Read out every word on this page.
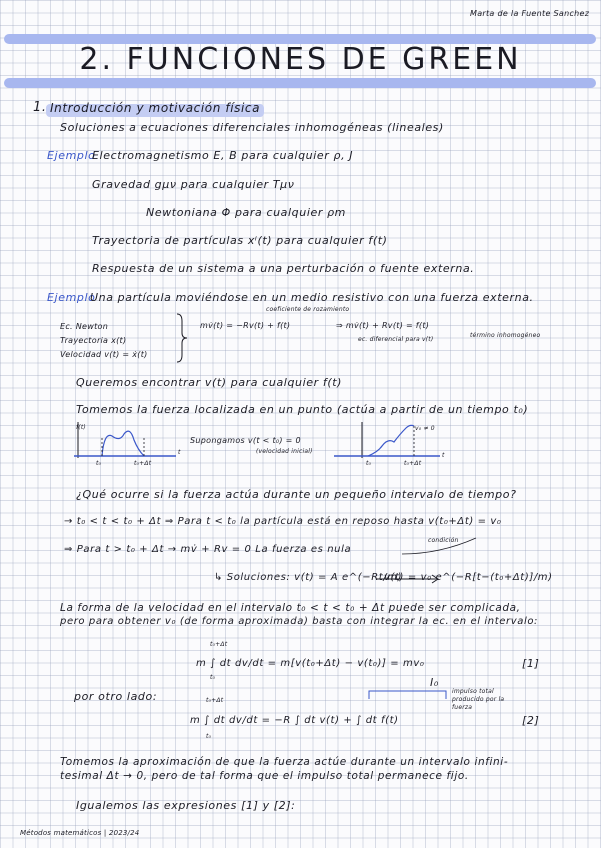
Marta de la Fuente Sanchez
2. FUNCIONES DE GREEN
1. Introducción y motivación física
Soluciones a ecuaciones diferenciales inhomogéneas (lineales)
Ejemplo
Electromagnetismo E, B para cualquier ρ, J
Gravedad gμν para cualquier Tμν
Newtoniana Φ para cualquier ρm
Trayectoria de partículas xⁱ(t) para cualquier f(t)
Respuesta de un sistema a una perturbación o fuente externa.
Ejemplo
Una partícula moviéndose en un medio resistivo con una fuerza externa.
Ec. Newton
Trayectoria x(t)
Velocidad v(t) = ẋ(t)
coeficiente de rozamiento
mv̇(t) = −Rv(t) + f(t)	⇒ mv̇(t) + Rv(t) = f(t)
ec. diferencial para v(t)
término inhomogéneo
Queremos encontrar v(t) para cualquier f(t)
Tomemos la fuerza localizada en un punto (actúa a partir de un tiempo t₀)
f(t)
t
t₀	t₀+Δt
Supongamos v(t < t₀) = 0
(velocidad inicial)
v₀ ≠ 0
t
t₀	t₀+Δt
¿Qué ocurre si la fuerza actúa durante un pequeño intervalo de tiempo?
→ t₀ < t < t₀ + Δt ⇒ Para t < t₀ la partícula está en reposo hasta v(t₀+Δt) = v₀
⇒ Para t > t₀ + Δt → mv̇ + Rv = 0 La fuerza es nula
condición
↳ Soluciones: v(t) = A e^(−Rt/m)
v(t) = v₀ e^(−R[t−(t₀+Δt)]/m)
La forma de la velocidad en el intervalo t₀ < t < t₀ + Δt puede ser complicada,
pero para obtener v₀ (de forma aproximada) basta con integrar la ec. en el intervalo:
t₀+Δt
t₀
m ∫ dt dv/dt = m[v(t₀+Δt) − v(t₀)] = mv₀	[1]
por otro lado:
I₀
impulso total producido por la fuerza
t₀+Δt
t₀
m ∫ dt dv/dt = −R ∫ dt v(t) + ∫ dt f(t)	[2]
Tomemos la aproximación de que la fuerza actúe durante un intervalo infini-
tesimal Δt → 0, pero de tal forma que el impulso total permanece fijo.
Igualemos las expresiones [1] y [2]:
Métodos matemáticos | 2023/24
